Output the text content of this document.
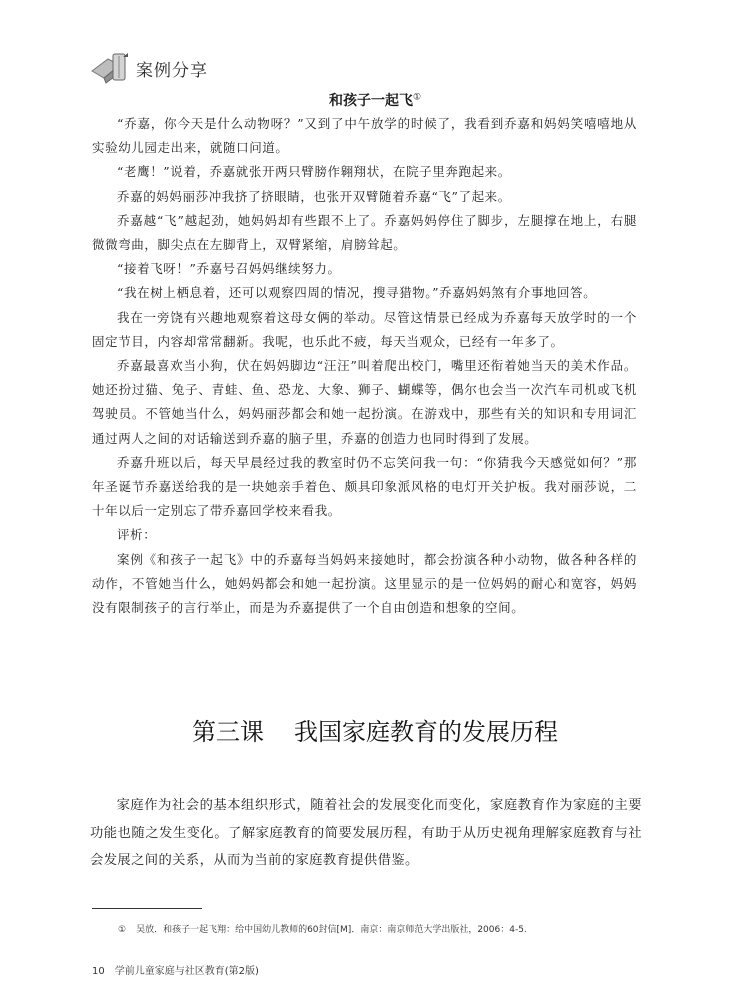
案例分享
和孩子一起飞①

“乔嘉，你今天是什么动物呀？”又到了中午放学的时候了，我看到乔嘉和妈妈笑嘻嘻地从实验幼儿园走出来，就随口问道。

“老鹰！”说着，乔嘉就张开两只臂膀作翱翔状，在院子里奔跑起来。

乔嘉的妈妈丽莎冲我挤了挤眼睛，也张开双臂随着乔嘉“飞”了起来。

乔嘉越“飞”越起劲，她妈妈却有些跟不上了。乔嘉妈妈停住了脚步，左腿撑在地上，右腿微微弯曲，脚尖点在左脚背上，双臂紧缩，肩膀耸起。

“接着飞呀！”乔嘉号召妈妈继续努力。

“我在树上栖息着，还可以观察四周的情况，搜寻猎物。”乔嘉妈妈煞有介事地回答。

我在一旁饶有兴趣地观察着这母女俩的举动。尽管这情景已经成为乔嘉每天放学时的一个固定节目，内容却常常翻新。我呢，也乐此不疲，每天当观众，已经有一年多了。

乔嘉最喜欢当小狗，伏在妈妈脚边“汪汪”叫着爬出校门，嘴里还衔着她当天的美术作品。她还扮过猫、兔子、青蛙、鱼、恐龙、大象、狮子、蝴蝶等，偶尔也会当一次汽车司机或飞机驾驶员。不管她当什么，妈妈丽莎都会和她一起扮演。在游戏中，那些有关的知识和专用词汇通过两人之间的对话输送到乔嘉的脑子里，乔嘉的创造力也同时得到了发展。

乔嘉升班以后，每天早晨经过我的教室时仍不忘笑问我一句：“你猜我今天感觉如何？”那年圣诞节乔嘉送给我的是一块她亲手着色、颇具印象派风格的电灯开关护板。我对丽莎说，二十年以后一定别忘了带乔嘉回学校来看我。

评析：

案例《和孩子一起飞》中的乔嘉每当妈妈来接她时，都会扮演各种小动物，做各种各样的动作，不管她当什么，她妈妈都会和她一起扮演。这里显示的是一位妈妈的耐心和宽容，妈妈没有限制孩子的言行举止，而是为乔嘉提供了一个自由创造和想象的空间。

第三课 我国家庭教育的发展历程

家庭作为社会的基本组织形式，随着社会的发展变化而变化，家庭教育作为家庭的主要功能也随之发生变化。了解家庭教育的简要发展历程，有助于从历史视角理解家庭教育与社会发展之间的关系，从而为当前的家庭教育提供借鉴。

① 吴放．和孩子一起飞翔：给中国幼儿教师的60封信[M]．南京：南京师范大学出版社，2006：4-5.
10 学前儿童家庭与社区教育(第2版)
